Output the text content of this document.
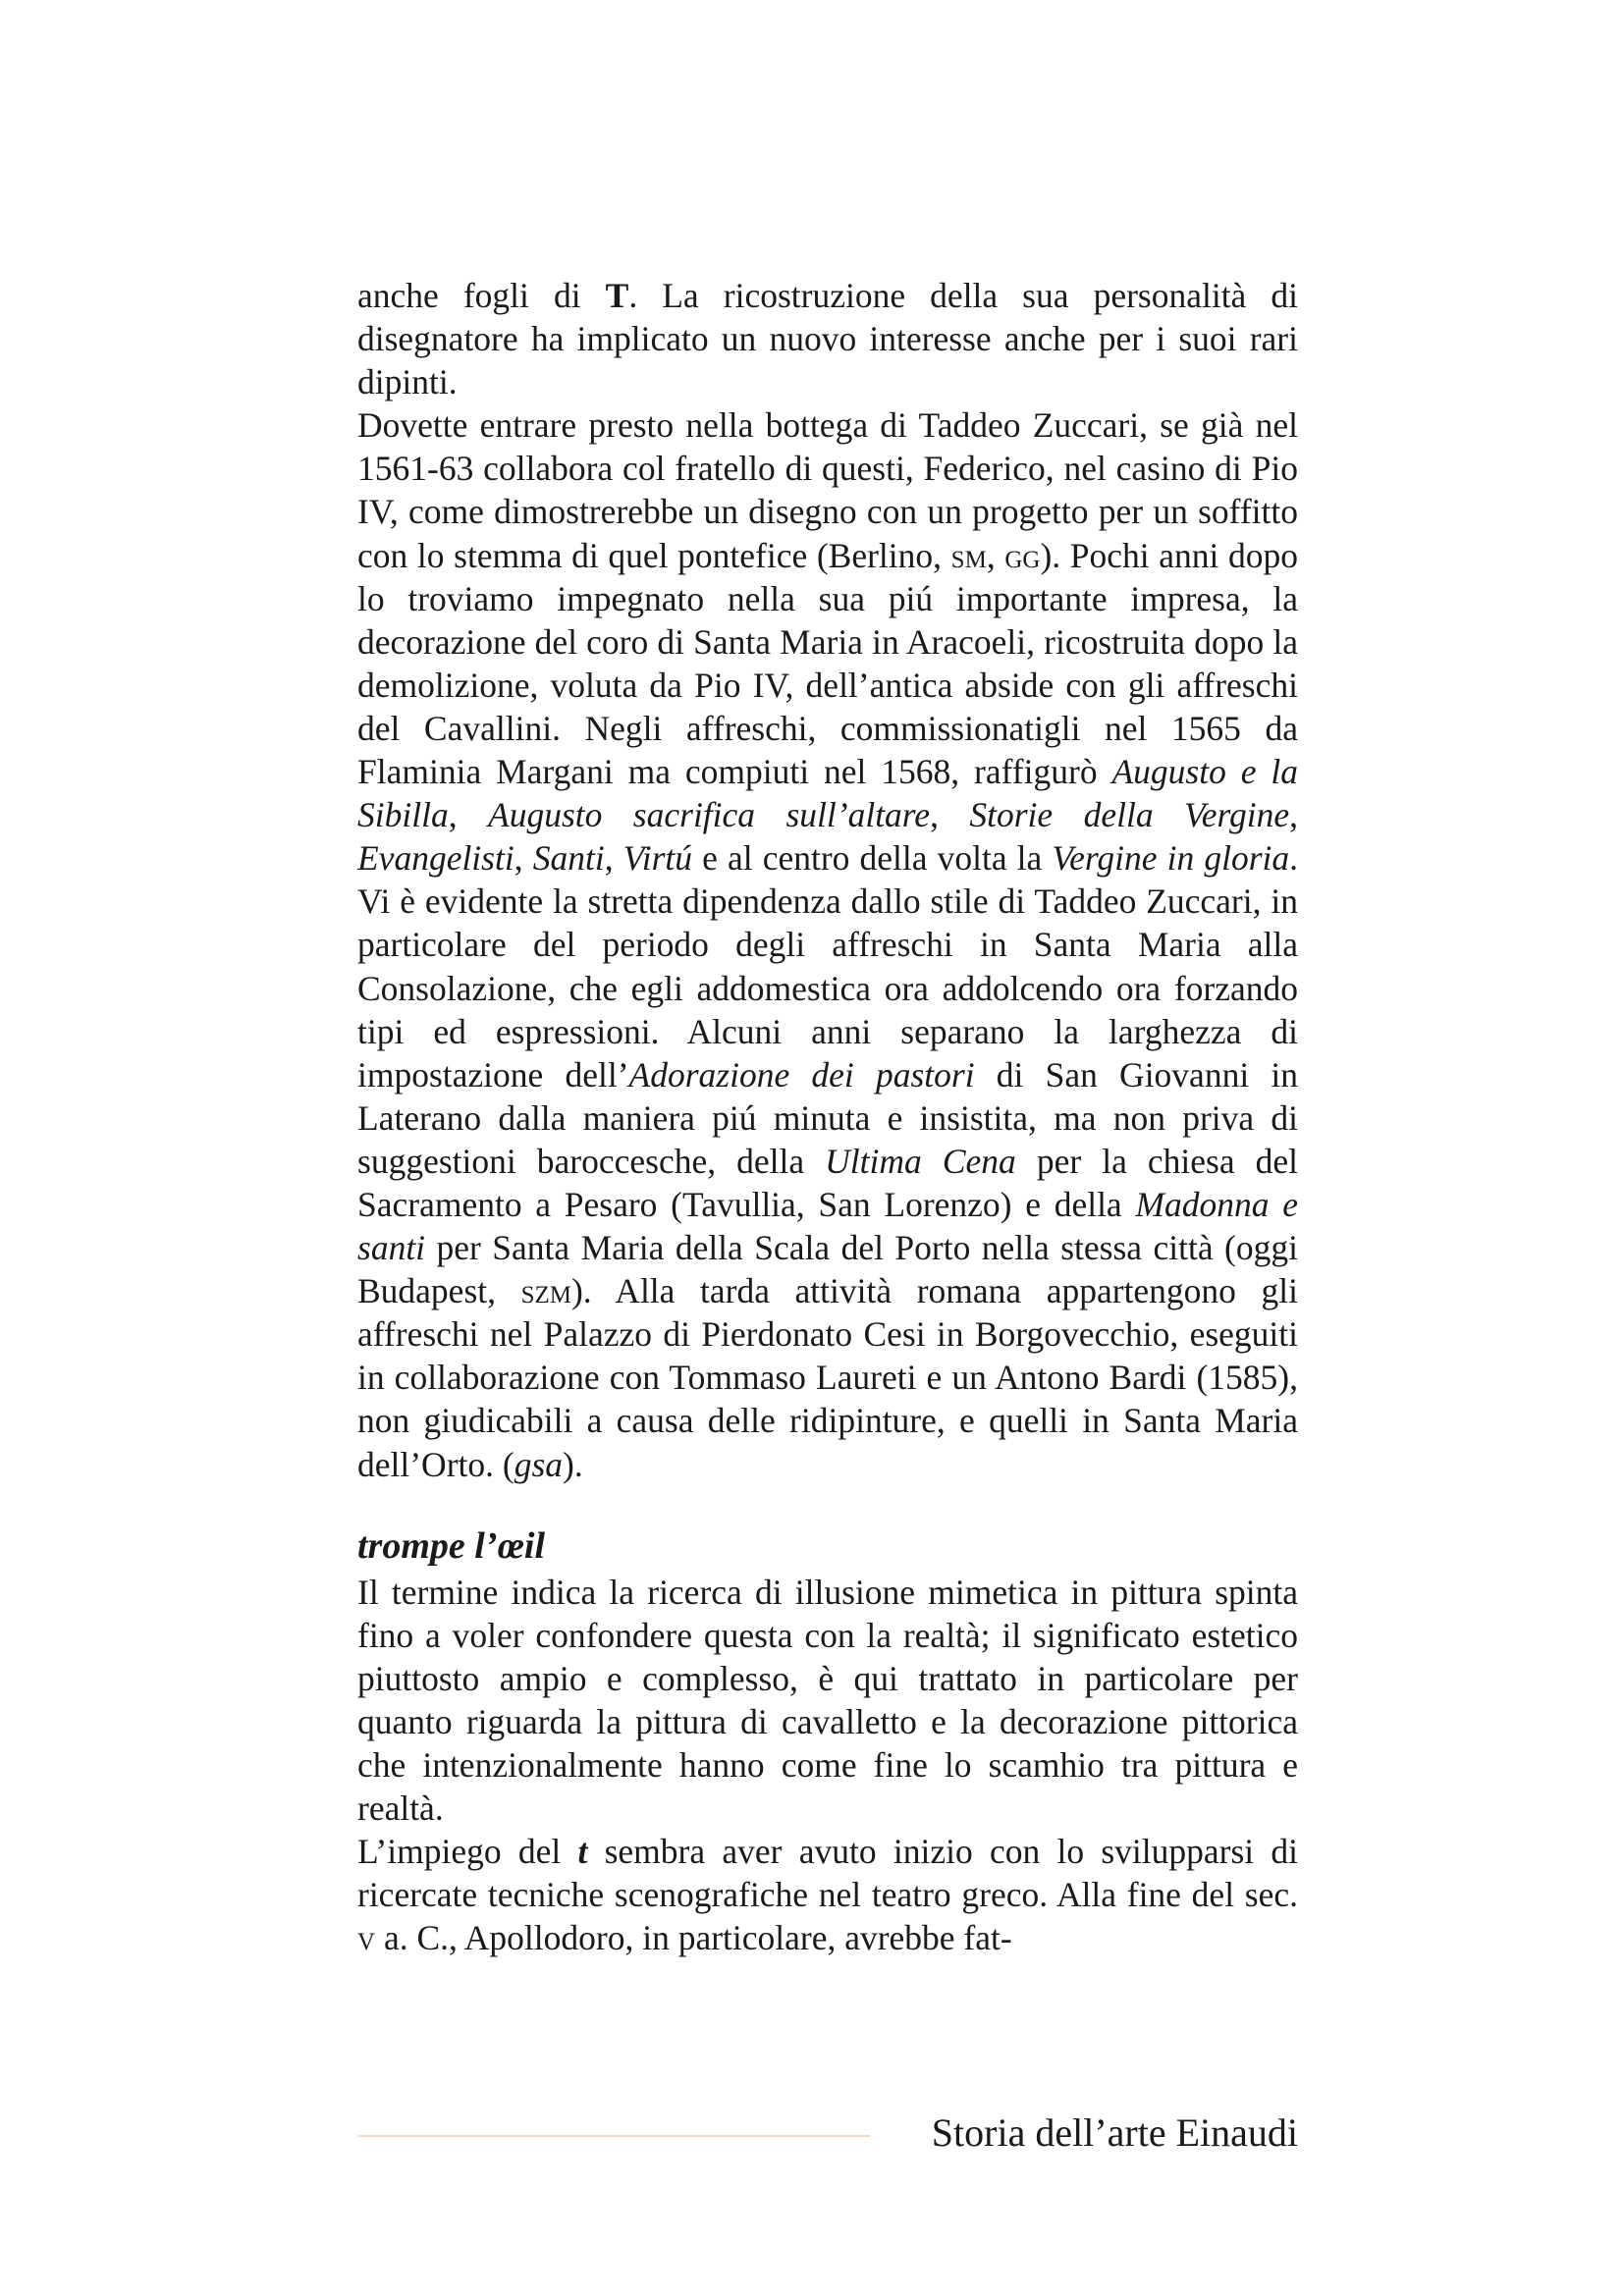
anche fogli di T. La ricostruzione della sua personalità di disegnatore ha implicato un nuovo interesse anche per i suoi rari dipinti.

Dovette entrare presto nella bottega di Taddeo Zuccari, se già nel 1561-63 collabora col fratello di questi, Federico, nel casino di Pio IV, come dimostrerebbe un disegno con un progetto per un soffitto con lo stemma di quel pontefice (Berlino, sm, gg). Pochi anni dopo lo troviamo impegnato nella sua piú importante impresa, la decorazione del coro di Santa Maria in Aracoeli, ricostruita dopo la demolizione, voluta da Pio IV, dell’antica abside con gli affreschi del Cavallini. Negli affreschi, commissionatigli nel 1565 da Flaminia Margani ma compiuti nel 1568, raffigurò Augusto e la Sibilla, Augusto sacrifica sull’altare, Storie della Vergine, Evangelisti, Santi, Virtú e al centro della volta la Vergine in gloria. Vi è evidente la stretta dipendenza dallo stile di Taddeo Zuccari, in particolare del periodo degli affreschi in Santa Maria alla Consolazione, che egli addomestica ora addolcendo ora forzando tipi ed espressioni. Alcuni anni separano la larghezza di impostazione dell’Adorazione dei pastori di San Giovanni in Laterano dalla maniera piú minuta e insistita, ma non priva di suggestioni baroccesche, della Ultima Cena per la chiesa del Sacramento a Pesaro (Tavullia, San Lorenzo) e della Madonna e santi per Santa Maria della Scala del Porto nella stessa città (oggi Budapest, szm). Alla tarda attività romana appartengono gli affreschi nel Palazzo di Pierdonato Cesi in Borgovecchio, eseguiti in collaborazione con Tommaso Laureti e un Antono Bardi (1585), non giudicabili a causa delle ridipinture, e quelli in Santa Maria dell’Orto. (gsa).

trompe l’œil

Il termine indica la ricerca di illusione mimetica in pittura spinta fino a voler confondere questa con la realtà; il significato estetico piuttosto ampio e complesso, è qui trattato in particolare per quanto riguarda la pittura di cavalletto e la decorazione pittorica che intenzionalmente hanno come fine lo scamhio tra pittura e realtà.

L’impiego del t sembra aver avuto inizio con lo svilupparsi di ricercate tecniche scenografiche nel teatro greco. Alla fine del sec. v a. C., Apollodoro, in particolare, avrebbe fat-

Storia dell’arte Einaudi
